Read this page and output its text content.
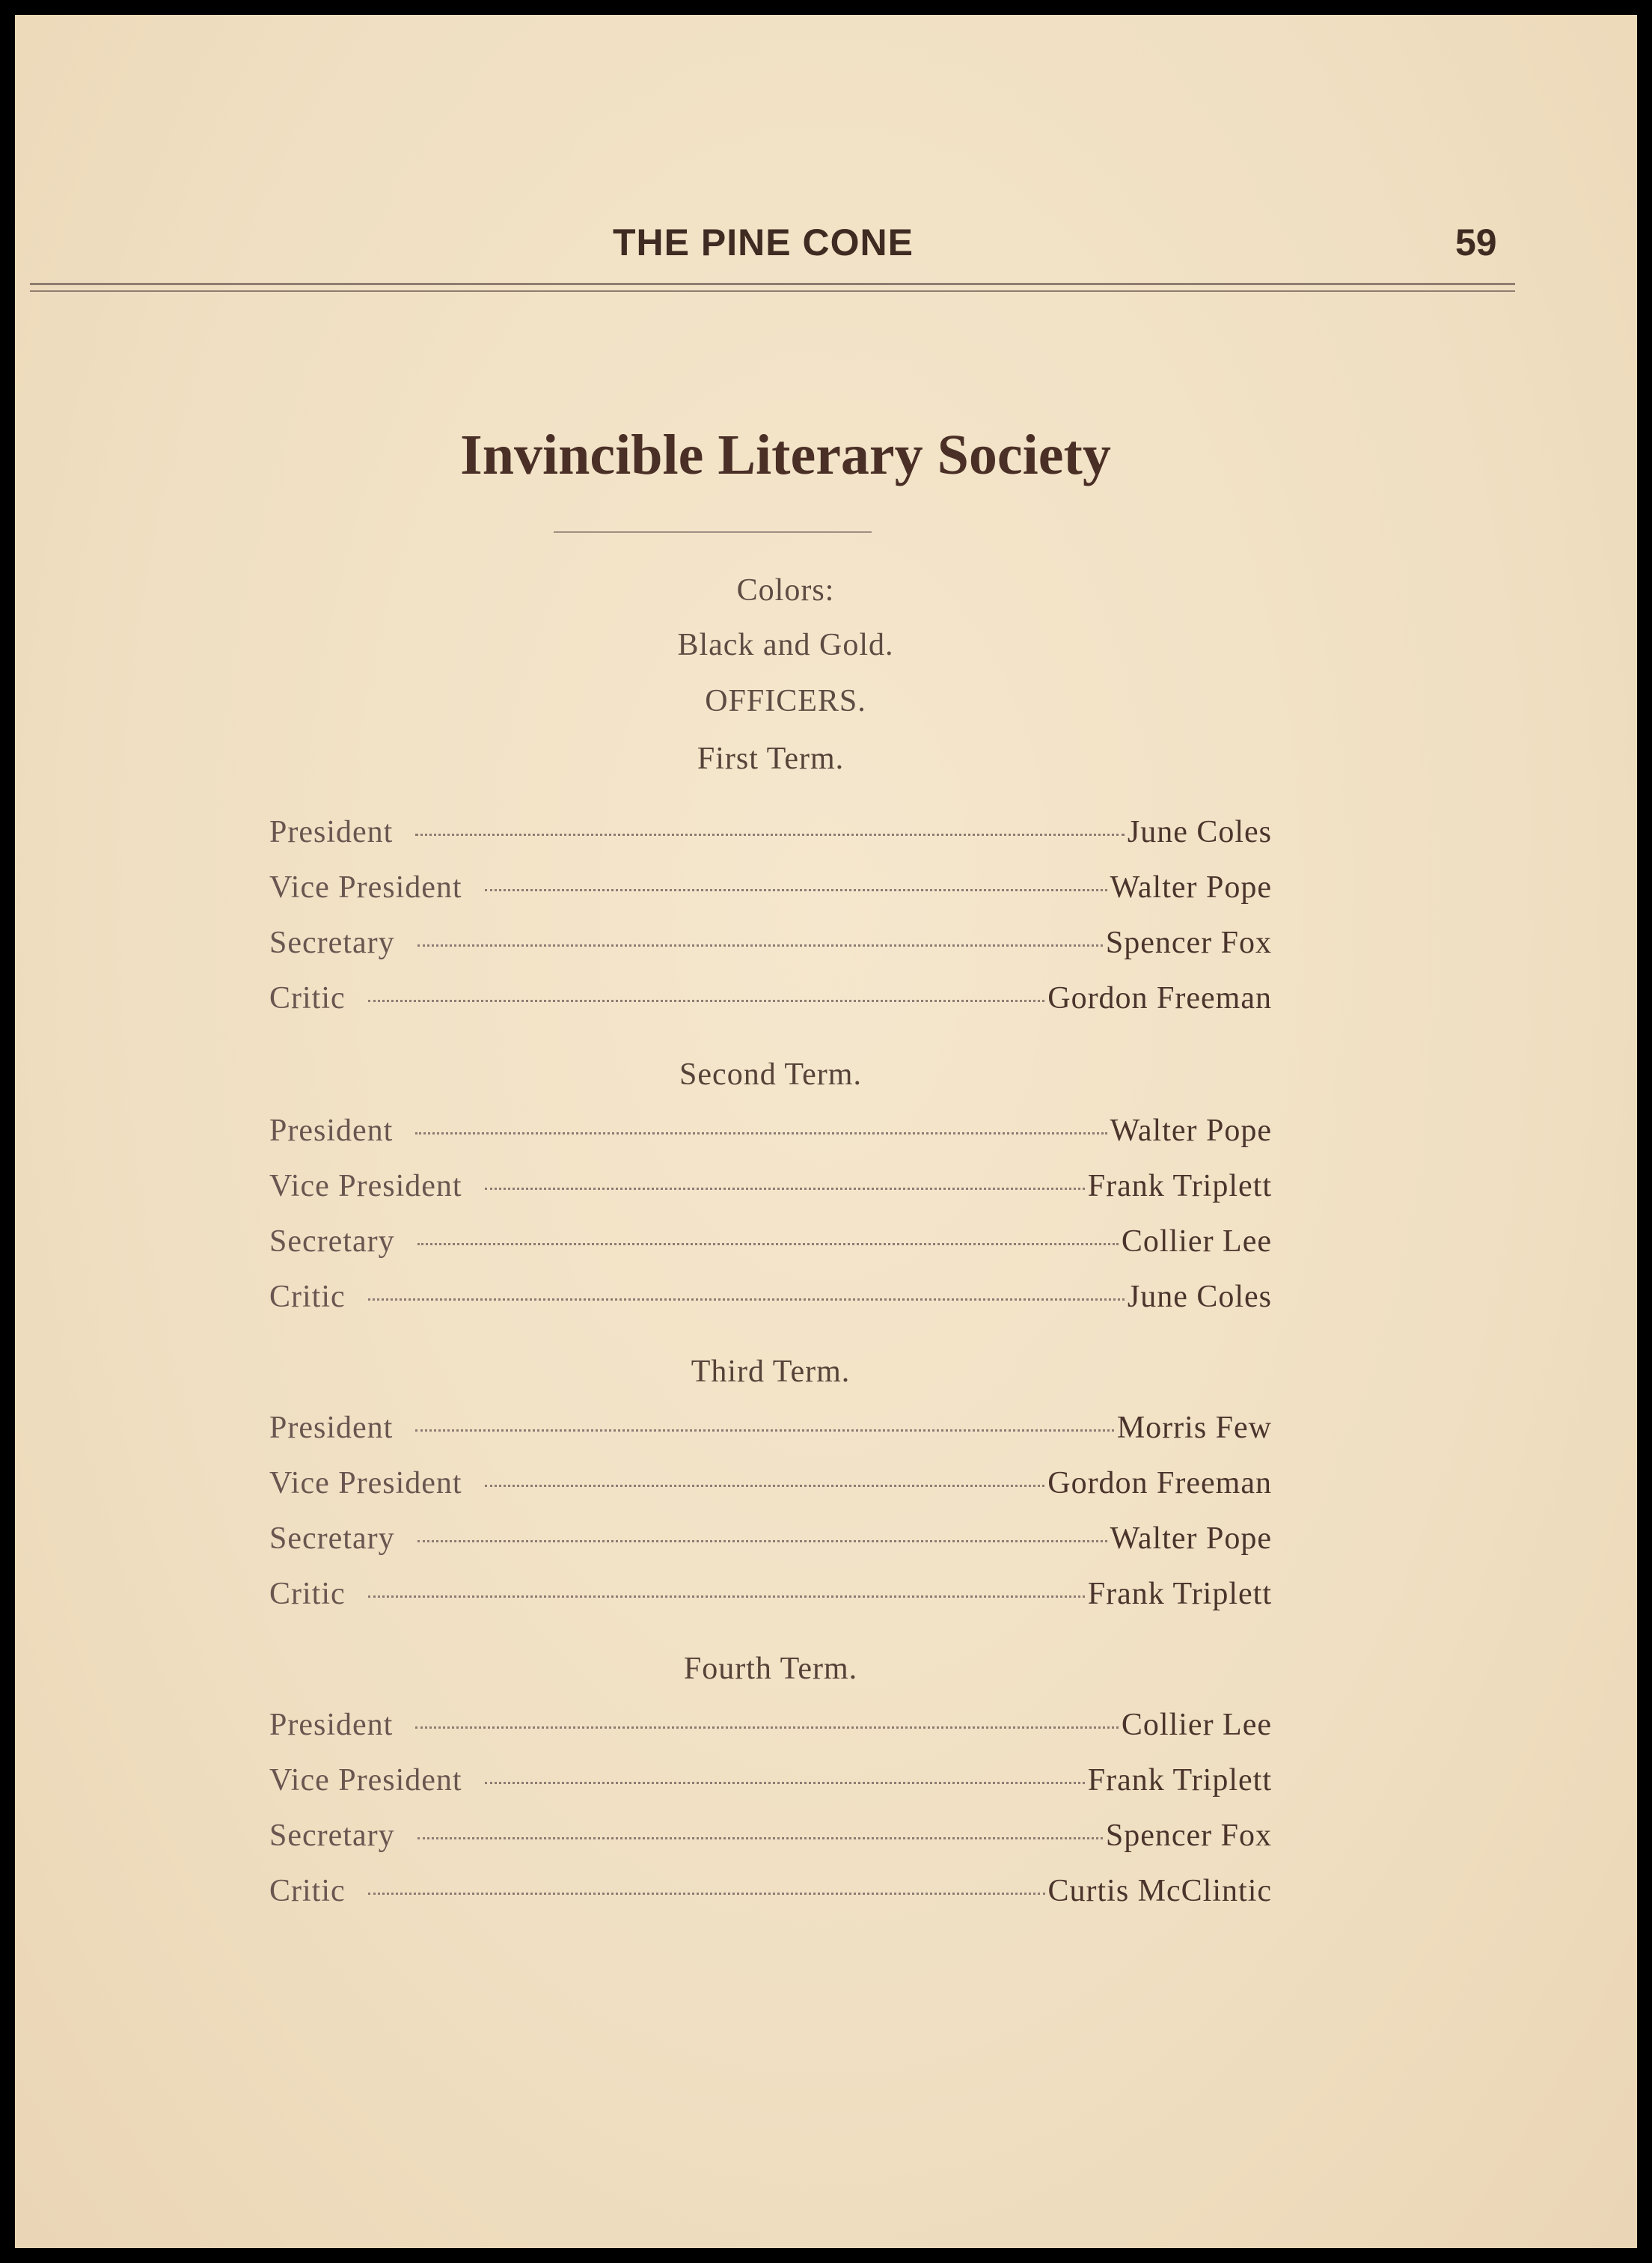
THE PINE CONE	59
Invincible Literary Society
Colors:
Black and Gold.
OFFICERS.
First Term.
President	June Coles
Vice President	Walter Pope
Secretary	Spencer Fox
Critic	Gordon Freeman
Second Term.
President	Walter Pope
Vice President	Frank Triplett
Secretary	Collier Lee
Critic	June Coles
Third Term.
President	Morris Few
Vice President	Gordon Freeman
Secretary	Walter Pope
Critic	Frank Triplett
Fourth Term.
President	Collier Lee
Vice President	Frank Triplett
Secretary	Spencer Fox
Critic	Curtis McClintic
